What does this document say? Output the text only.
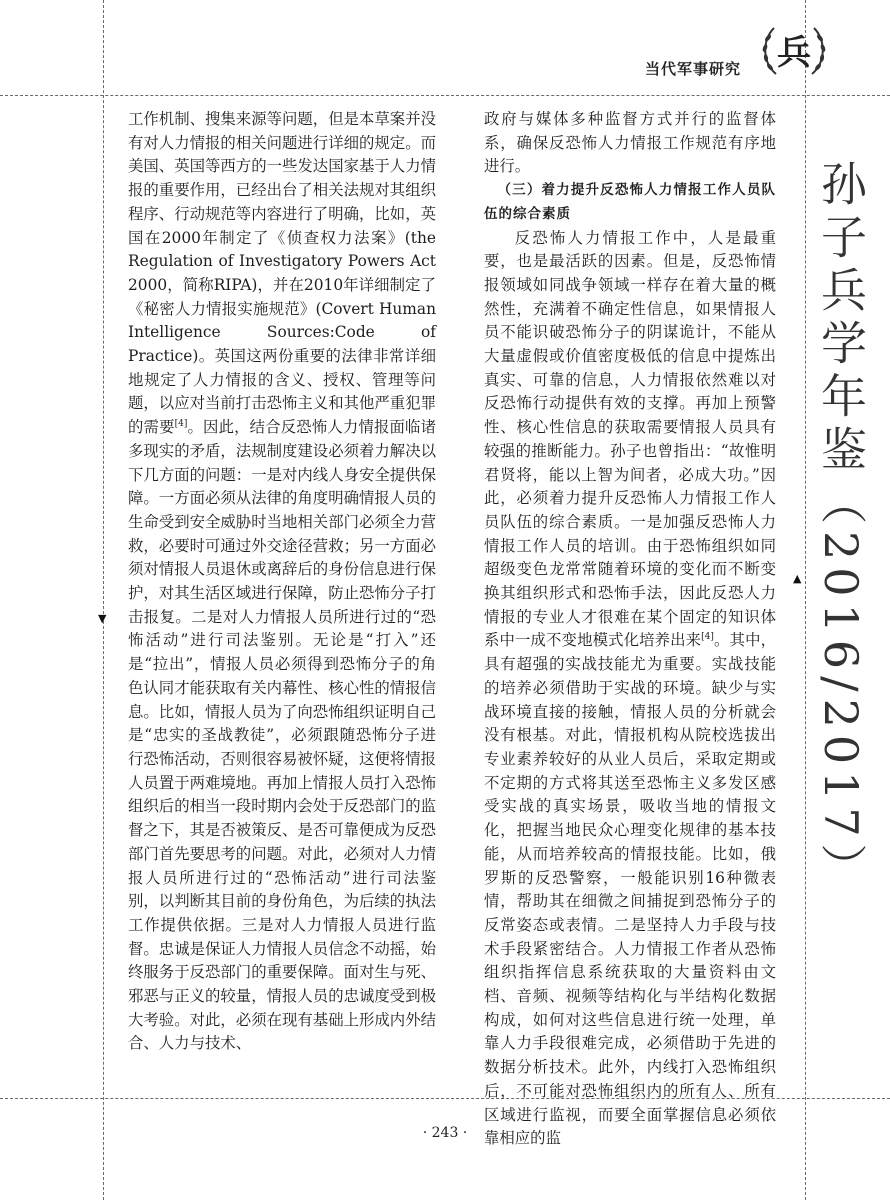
当代军事研究 兵
孙子兵学年鉴（2016/2017）
▼
▲

工作机制、搜集来源等问题，但是本草案并没有对人力情报的相关问题进行详细的规定。而美国、英国等西方的一些发达国家基于人力情报的重要作用，已经出台了相关法规对其组织程序、行动规范等内容进行了明确，比如，英国在2000年制定了《侦查权力法案》(the Regulation of Investigatory Powers Act 2000，简称RIPA)，并在2010年详细制定了《秘密人力情报实施规范》(Covert Human Intelligence Sources:Code of Practice)。英国这两份重要的法律非常详细地规定了人力情报的含义、授权、管理等问题，以应对当前打击恐怖主义和其他严重犯罪的需要[4]。因此，结合反恐怖人力情报面临诸多现实的矛盾，法规制度建设必须着力解决以下几方面的问题：一是对内线人身安全提供保障。一方面必须从法律的角度明确情报人员的生命受到安全威胁时当地相关部门必须全力营救，必要时可通过外交途径营救；另一方面必须对情报人员退休或离辞后的身份信息进行保护，对其生活区域进行保障，防止恐怖分子打击报复。二是对人力情报人员所进行过的“恐怖活动”进行司法鉴别。无论是“打入”还是“拉出”，情报人员必须得到恐怖分子的角色认同才能获取有关内幕性、核心性的情报信息。比如，情报人员为了向恐怖组织证明自己是“忠实的圣战教徒”，必须跟随恐怖分子进行恐怖活动，否则很容易被怀疑，这便将情报人员置于两难境地。再加上情报人员打入恐怖组织后的相当一段时期内会处于反恐部门的监督之下，其是否被策反、是否可靠便成为反恐部门首先要思考的问题。对此，必须对人力情报人员所进行过的“恐怖活动”进行司法鉴别，以判断其目前的身份角色，为后续的执法工作提供依据。三是对人力情报人员进行监督。忠诚是保证人力情报人员信念不动摇，始终服务于反恐部门的重要保障。面对生与死、邪恶与正义的较量，情报人员的忠诚度受到极大考验。对此，必须在现有基础上形成内外结合、人力与技术、

政府与媒体多种监督方式并行的监督体系，确保反恐怖人力情报工作规范有序地进行。

（三）着力提升反恐怖人力情报工作人员队伍的综合素质

反恐怖人力情报工作中，人是最重要，也是最活跃的因素。但是，反恐怖情报领域如同战争领域一样存在着大量的概然性，充满着不确定性信息，如果情报人员不能识破恐怖分子的阴谋诡计，不能从大量虚假或价值密度极低的信息中提炼出真实、可靠的信息，人力情报依然难以对反恐怖行动提供有效的支撑。再加上预警性、核心性信息的获取需要情报人员具有较强的推断能力。孙子也曾指出：“故惟明君贤将，能以上智为间者，必成大功。”因此，必须着力提升反恐怖人力情报工作人员队伍的综合素质。一是加强反恐怖人力情报工作人员的培训。由于恐怖组织如同超级变色龙常常随着环境的变化而不断变换其组织形式和恐怖手法，因此反恐人力情报的专业人才很难在某个固定的知识体系中一成不变地模式化培养出来[4]。其中，具有超强的实战技能尤为重要。实战技能的培养必须借助于实战的环境。缺少与实战环境直接的接触，情报人员的分析就会没有根基。对此，情报机构从院校选拔出专业素养较好的从业人员后，采取定期或不定期的方式将其送至恐怖主义多发区感受实战的真实场景，吸收当地的情报文化，把握当地民众心理变化规律的基本技能，从而培养较高的情报技能。比如，俄罗斯的反恐警察，一般能识别16种微表情，帮助其在细微之间捕捉到恐怖分子的反常姿态或表情。二是坚持人力手段与技术手段紧密结合。人力情报工作者从恐怖组织指挥信息系统获取的大量资料由文档、音频、视频等结构化与半结构化数据构成，如何对这些信息进行统一处理，单靠人力手段很难完成，必须借助于先进的数据分析技术。此外，内线打入恐怖组织后，不可能对恐怖组织内的所有人、所有区域进行监视，而要全面掌握信息必须依靠相应的监

· 243 ·
